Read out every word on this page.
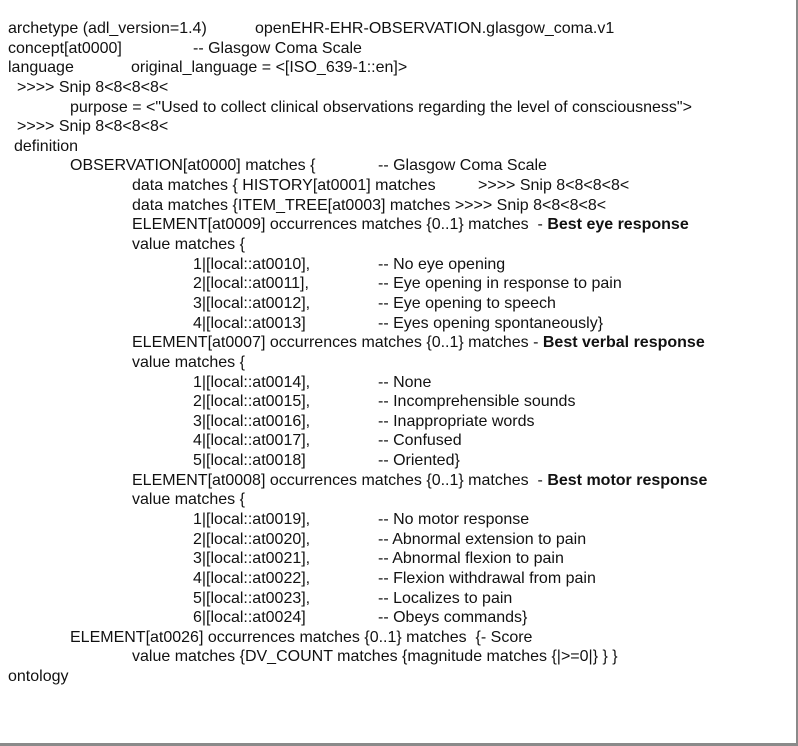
archetype (adl_version=1.4)	openEHR-EHR-OBSERVATION.glasgow_coma.v1
concept[at0000]	-- Glasgow Coma Scale
language	original_language = <[ISO_639-1::en]>
>>>> Snip 8<8<8<8<
purpose = <"Used to collect clinical observations regarding the level of consciousness">
>>>> Snip 8<8<8<8<
definition
OBSERVATION[at0000] matches {	-- Glasgow Coma Scale
data matches { HISTORY[at0001] matches	>>>> Snip 8<8<8<8<
data matches {ITEM_TREE[at0003] matches >>>> Snip 8<8<8<8<
ELEMENT[at0009] occurrences matches {0..1} matches  - Best eye response
value matches {
1|[local::at0010],	-- No eye opening
2|[local::at0011],	-- Eye opening in response to pain
3|[local::at0012],	-- Eye opening to speech
4|[local::at0013]	-- Eyes opening spontaneously}
ELEMENT[at0007] occurrences matches {0..1} matches - Best verbal response
value matches {
1|[local::at0014],	-- None
2|[local::at0015],	-- Incomprehensible sounds
3|[local::at0016],	-- Inappropriate words
4|[local::at0017],	-- Confused
5|[local::at0018]	-- Oriented}
ELEMENT[at0008] occurrences matches {0..1} matches  - Best motor response
value matches {
1|[local::at0019],	-- No motor response
2|[local::at0020],	-- Abnormal extension to pain
3|[local::at0021],	-- Abnormal flexion to pain
4|[local::at0022],	-- Flexion withdrawal from pain
5|[local::at0023],	-- Localizes to pain
6|[local::at0024]	-- Obeys commands}
ELEMENT[at0026] occurrences matches {0..1} matches  {- Score
value matches {DV_COUNT matches {magnitude matches {|>=0|} } }
ontology
